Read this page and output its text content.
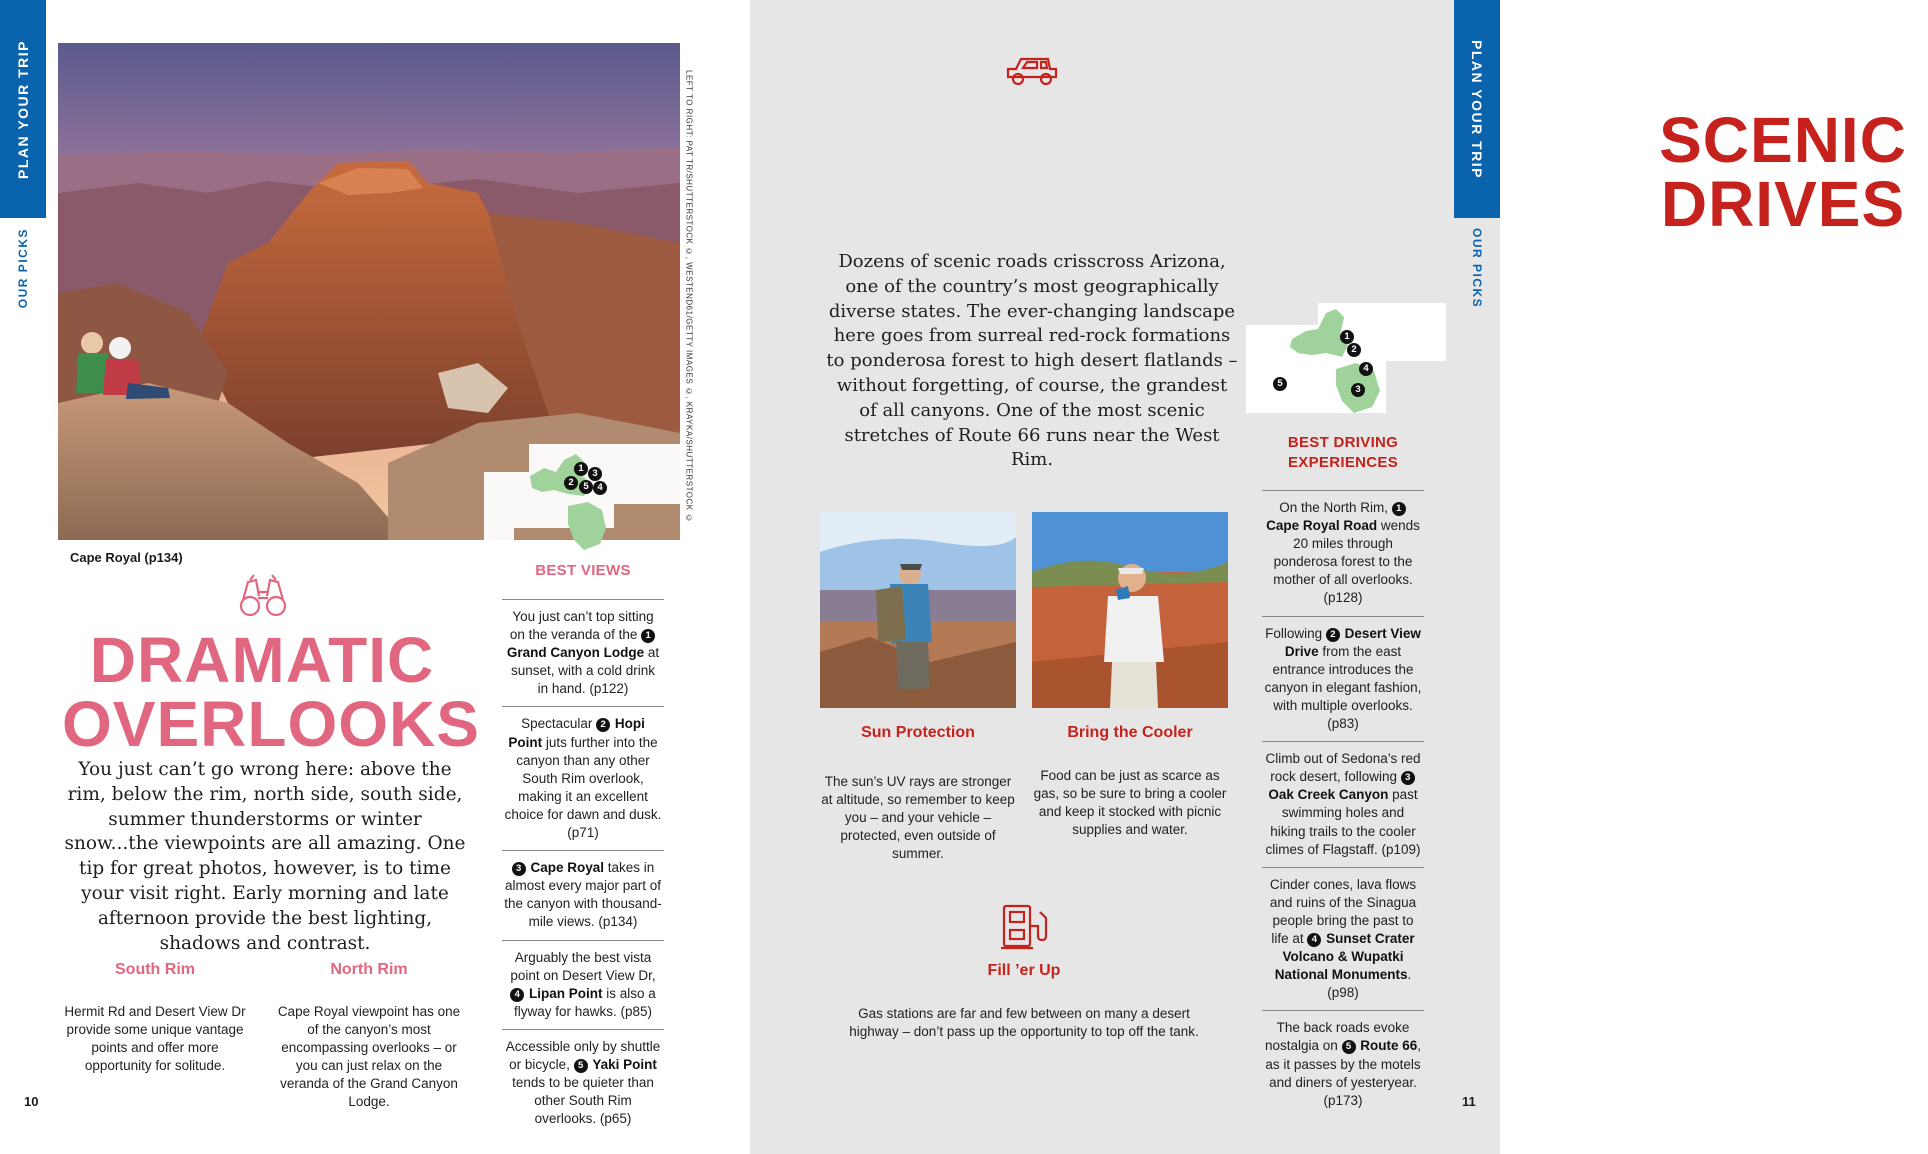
PLAN YOUR TRIP
OUR PICKS
1 3
2	5 4	LEFT TO RIGHT: PAT TR/SHUTTERSTOCK ©, WESTEND61/GETTY IMAGES ©, KRAYKA/SHUTTERSTOCK ©
Cape Royal (p134)
DRAMATIC
OVERLOOKS
You just can’t go wrong here: above the rim, below the rim, north side, south side, summer thunderstorms or winter snow...the viewpoints are all amazing. One tip for great photos, however, is to time your visit right. Early morning and late afternoon provide the best lighting, shadows and contrast.
South Rim
Hermit Rd and Desert View Dr provide some unique vantage points and offer more opportunity for solitude.
North Rim
Cape Royal viewpoint has one of the canyon’s most encompassing overlooks – or you can just relax on the veranda of the Grand Canyon Lodge.
BEST VIEWS
You just can’t top sitting on the veranda of the 1 Grand Canyon Lodge at sunset, with a cold drink in hand. (p122)
Spectacular 2 Hopi Point juts further into the canyon than any other South Rim overlook, making it an excellent choice for dawn and dusk. (p71)
3 Cape Royal takes in almost every major part of the canyon with thousand-mile views. (p134)
Arguably the best vista point on Desert View Dr, 4 Lipan Point is also a flyway for hawks. (p85)
Accessible only by shuttle or bicycle, 5 Yaki Point tends to be quieter than other South Rim overlooks. (p65)
10
PLAN YOUR TRIP
OUR PICKS
SCENIC
DRIVES
Dozens of scenic roads crisscross Arizona, one of the country’s most geographically diverse states. The ever-changing landscape here goes from surreal red-rock formations to ponderosa forest to high desert flatlands – without forgetting, of course, the grandest of all canyons. One of the most scenic stretches of Route 66 runs near the West Rim.
Sun Protection
The sun’s UV rays are stronger at altitude, so remember to keep you – and your vehicle – protected, even outside of summer.
Bring the Cooler
Food can be just as scarce as gas, so be sure to bring a cooler and keep it stocked with picnic supplies and water.
Fill ’er Up
Gas stations are far and few between on many a desert highway – don’t pass up the opportunity to top off the tank.
1
2
4
5
3
BEST DRIVING
EXPERIENCES
On the North Rim, 1 Cape Royal Road wends 20 miles through ponderosa forest to the mother of all overlooks. (p128)
Following 2 Desert View Drive from the east entrance introduces the canyon in elegant fashion, with multiple overlooks. (p83)
Climb out of Sedona’s red rock desert, following 3 Oak Creek Canyon past swimming holes and hiking trails to the cooler climes of Flagstaff. (p109)
Cinder cones, lava flows and ruins of the Sinagua people bring the past to life at 4 Sunset Crater Volcano & Wupatki National Monuments. (p98)
The back roads evoke nostalgia on 5 Route 66, as it passes by the motels and diners of yesteryear. (p173)	11
